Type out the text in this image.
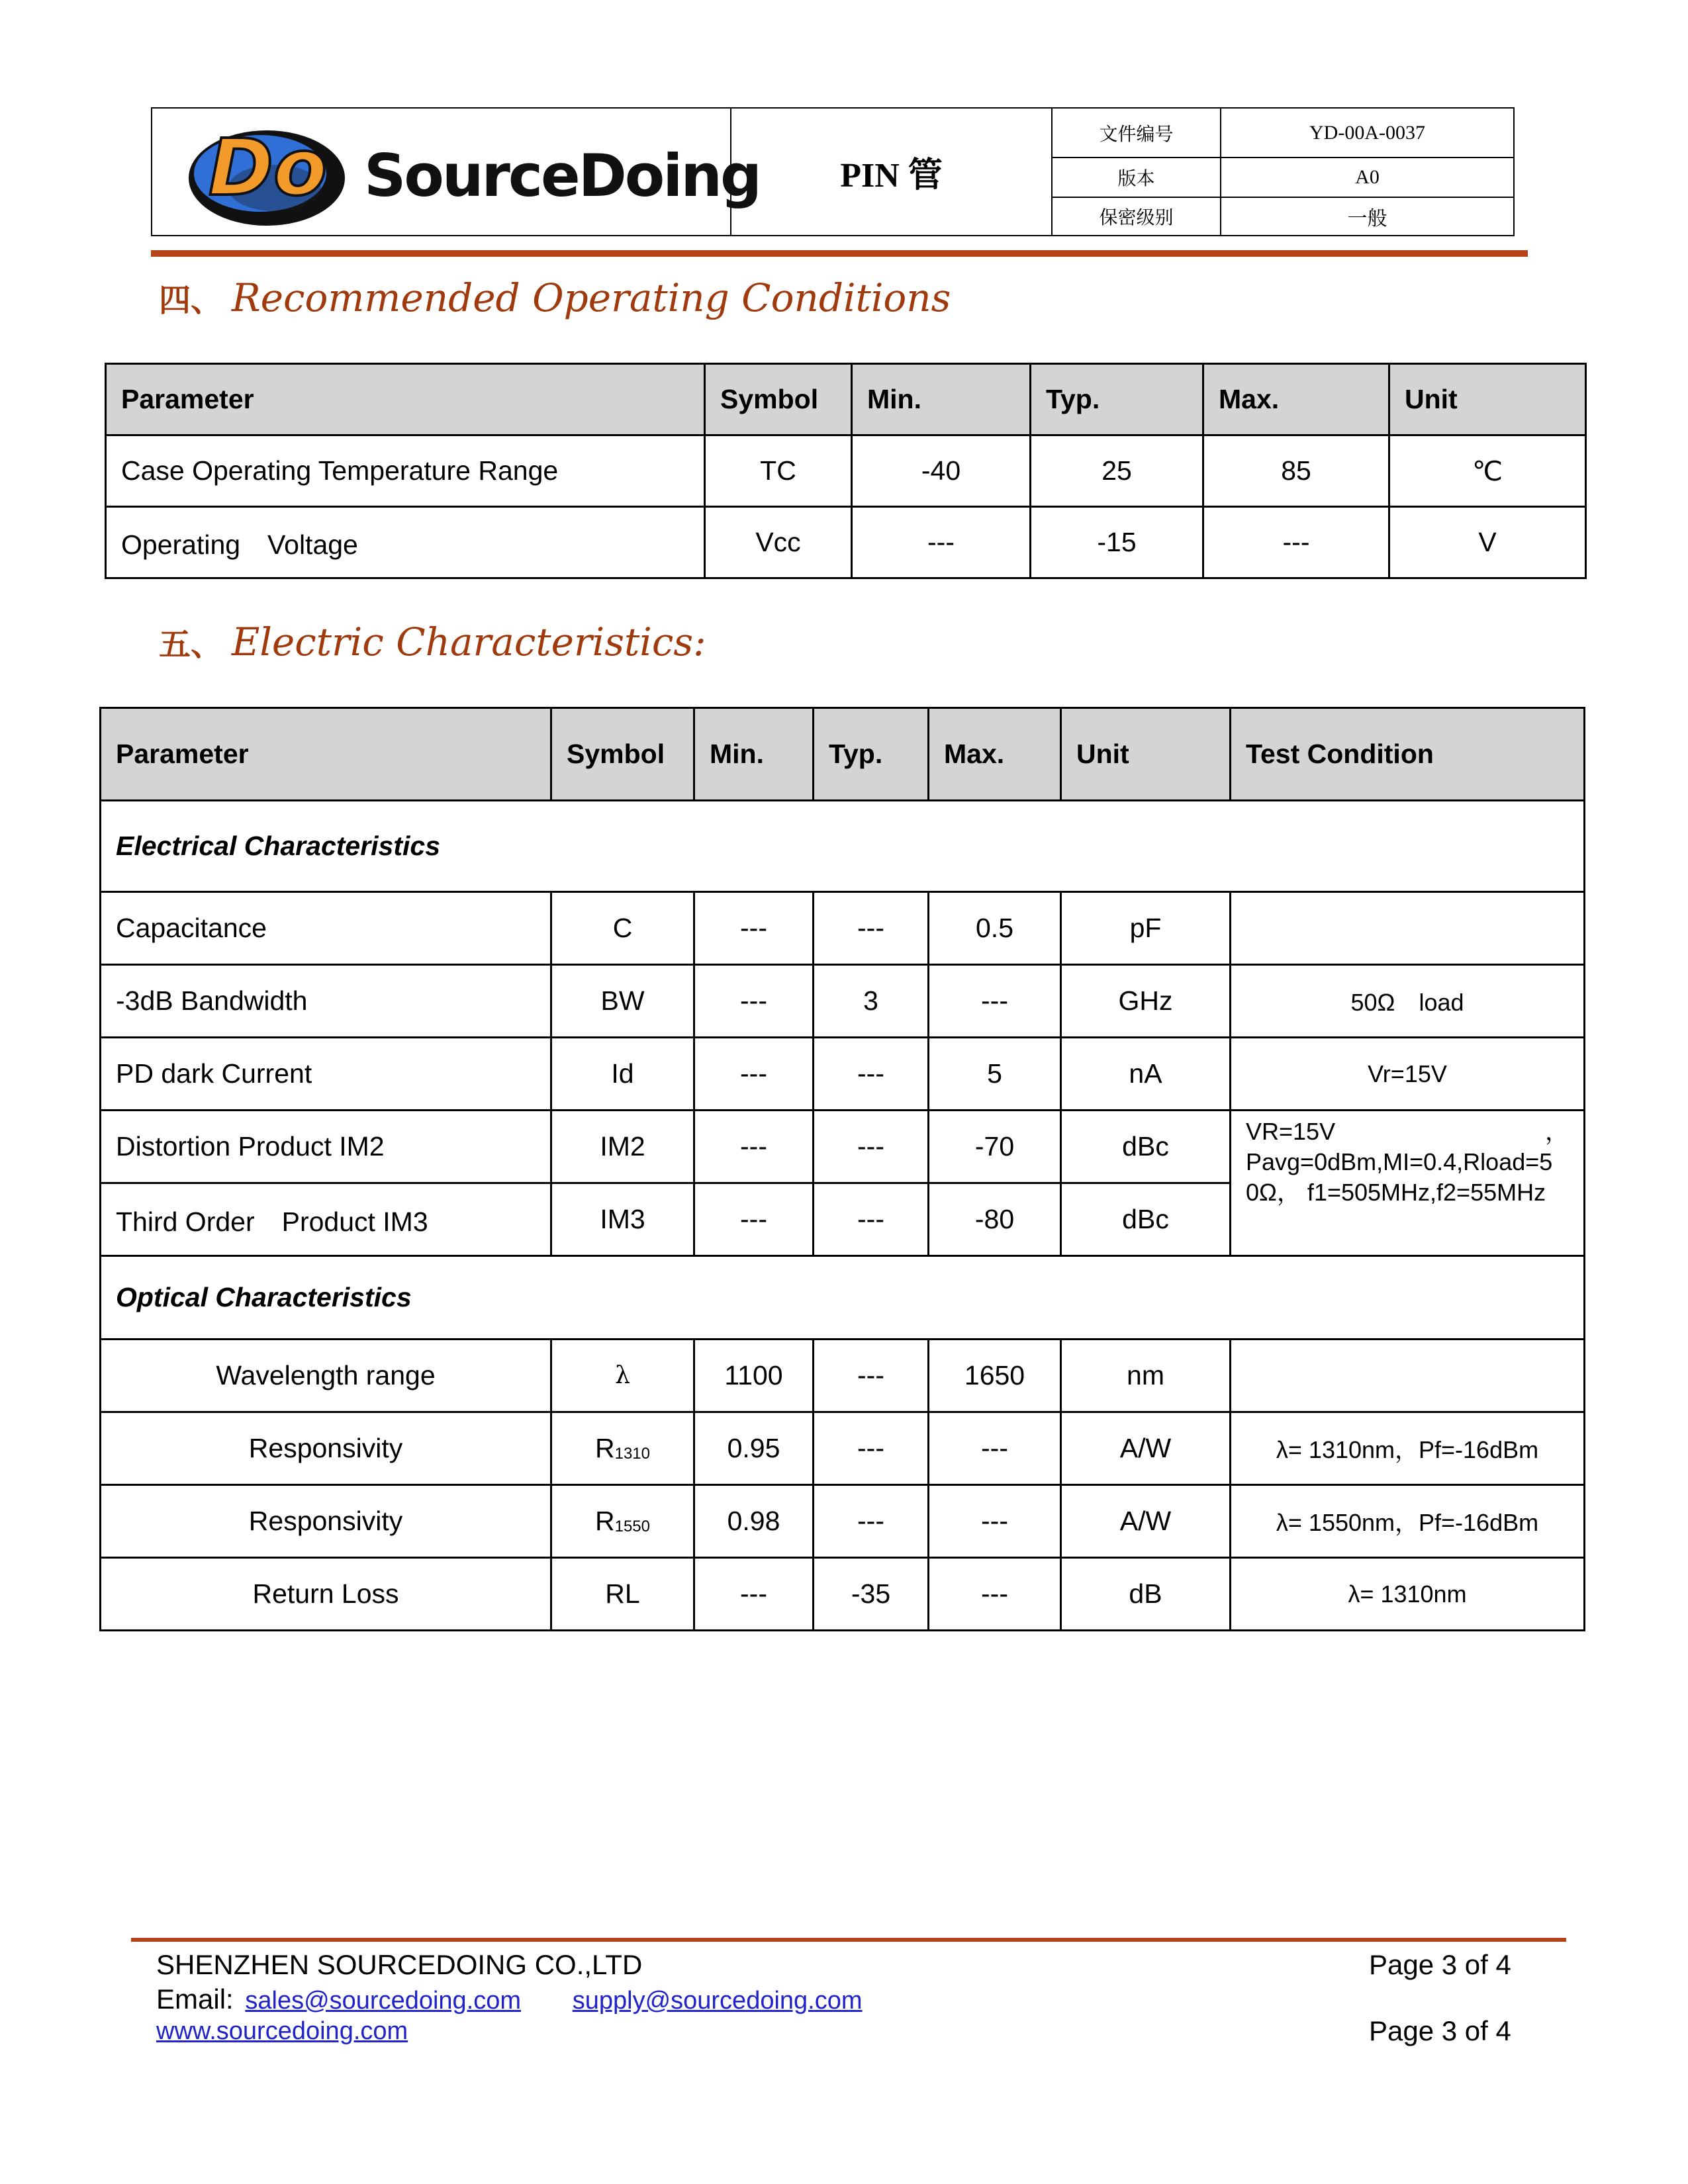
Do SourceDoing	PIN 管
文件编号	YD-00A-0037
版本	A0
保密级别	一般
四、 Recommended Operating Conditions
Parameter	Symbol	Min.	Typ.	Max.	Unit
Case Operating Temperature Range	TC	-40	25	85	℃
Operating　Voltage	Vcc	---	-15	---	V
五、 Electric Characteristics:
Parameter	Symbol	Min.	Typ.	Max.	Unit	Test Condition
Electrical Characteristics						
Capacitance	C	---	---	0.5	pF	
-3dB Bandwidth	BW	---	3	---	GHz	50Ω　load
PD dark Current	Id	---	---	5	nA	Vr=15V
Distortion Product IM2	IM2	---	---	-70	dBc	VR=15V ，
Pavg=0dBm,MI=0.4,Rload=5
0Ω， f1=505MHz,f2=55MHz

Third Order　Product IM3	IM3	---	---	-80	dBc	
Optical Characteristics						
Wavelength range	λ	1100	---	1650	nm	
Responsivity	$R_{1310}$	0.95	---	---	A/W	λ= 1310nm，Pf=-16dBm
Responsivity	$R_{1550}$	0.98	---	---	A/W	λ= 1550nm，Pf=-16dBm
Return Loss	RL	---	-35	---	dB	λ= 1310nm
SHENZHEN SOURCEDOING CO.,LTD	Page 3 of 4
Email: sales@sourcedoing.com supply@sourcedoing.com
www.sourcedoing.com	Page 3 of 4
